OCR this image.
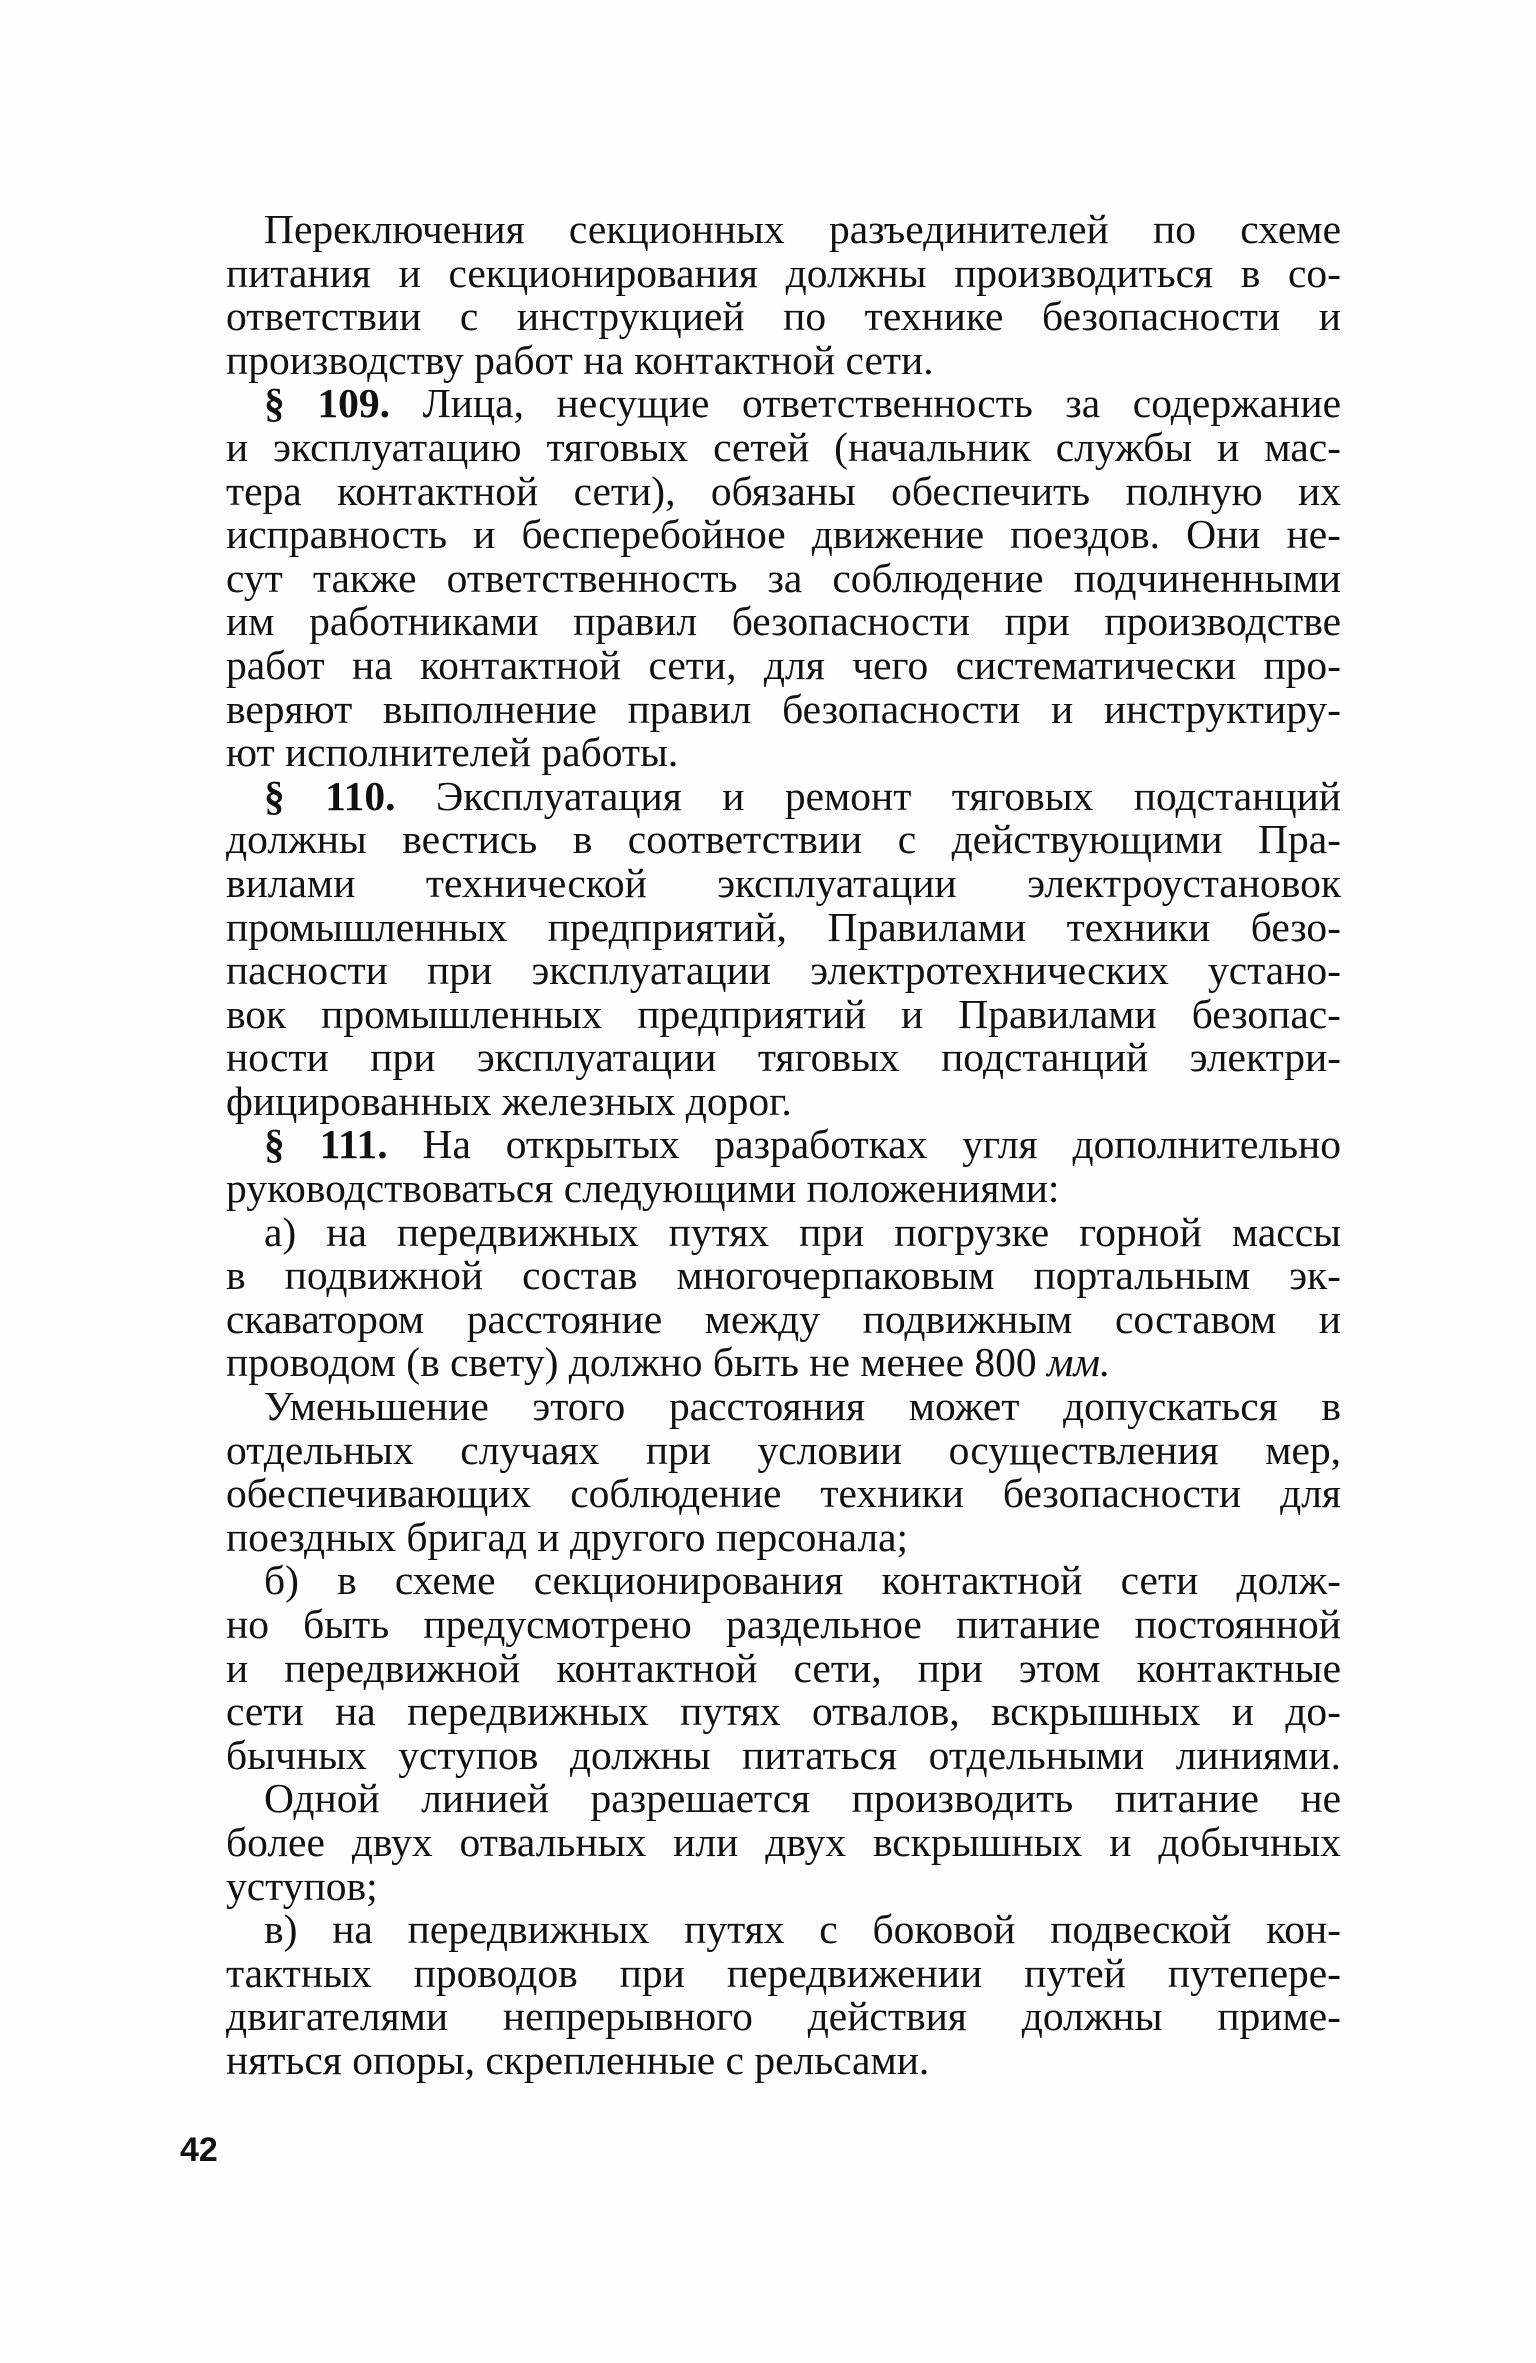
Переключения секционных разъединителей по схеме
питания и секционирования должны производиться в со-
ответствии с инструкцией по технике безопасности и
производству работ на контактной сети.
§ 109. Лица, несущие ответственность за содержание
и эксплуатацию тяговых сетей (начальник службы и мас-
тера контактной сети), обязаны обеспечить полную их
исправность и бесперебойное движение поездов. Они не-
сут также ответственность за соблюдение подчиненными
им работниками правил безопасности при производстве
работ на контактной сети, для чего систематически про-
веряют выполнение правил безопасности и инструктиру-
ют исполнителей работы.
§ 110. Эксплуатация и ремонт тяговых подстанций
должны вестись в соответствии с действующими Пра-
вилами технической эксплуатации электроустановок
промышленных предприятий, Правилами техники безо-
пасности при эксплуатации электротехнических устано-
вок промышленных предприятий и Правилами безопас-
ности при эксплуатации тяговых подстанций электри-
фицированных железных дорог.
§ 111. На открытых разработках угля дополнительно
руководствоваться следующими положениями:
а) на передвижных путях при погрузке горной массы
в подвижной состав многочерпаковым портальным эк-
скаватором расстояние между подвижным составом и
проводом (в свету) должно быть не менее 800 мм.
Уменьшение этого расстояния может допускаться в
отдельных случаях при условии осуществления мер,
обеспечивающих соблюдение техники безопасности для
поездных бригад и другого персонала;
б) в схеме секционирования контактной сети долж-
но быть предусмотрено раздельное питание постоянной
и передвижной контактной сети, при этом контактные
сети на передвижных путях отвалов, вскрышных и до-
бычных уступов должны питаться отдельными линиями.
Одной линией разрешается производить питание не
более двух отвальных или двух вскрышных и добычных
уступов;
в) на передвижных путях с боковой подвеской кон-
тактных проводов при передвижении путей путепере-
двигателями непрерывного действия должны приме-
няться опоры, скрепленные с рельсами.
42
